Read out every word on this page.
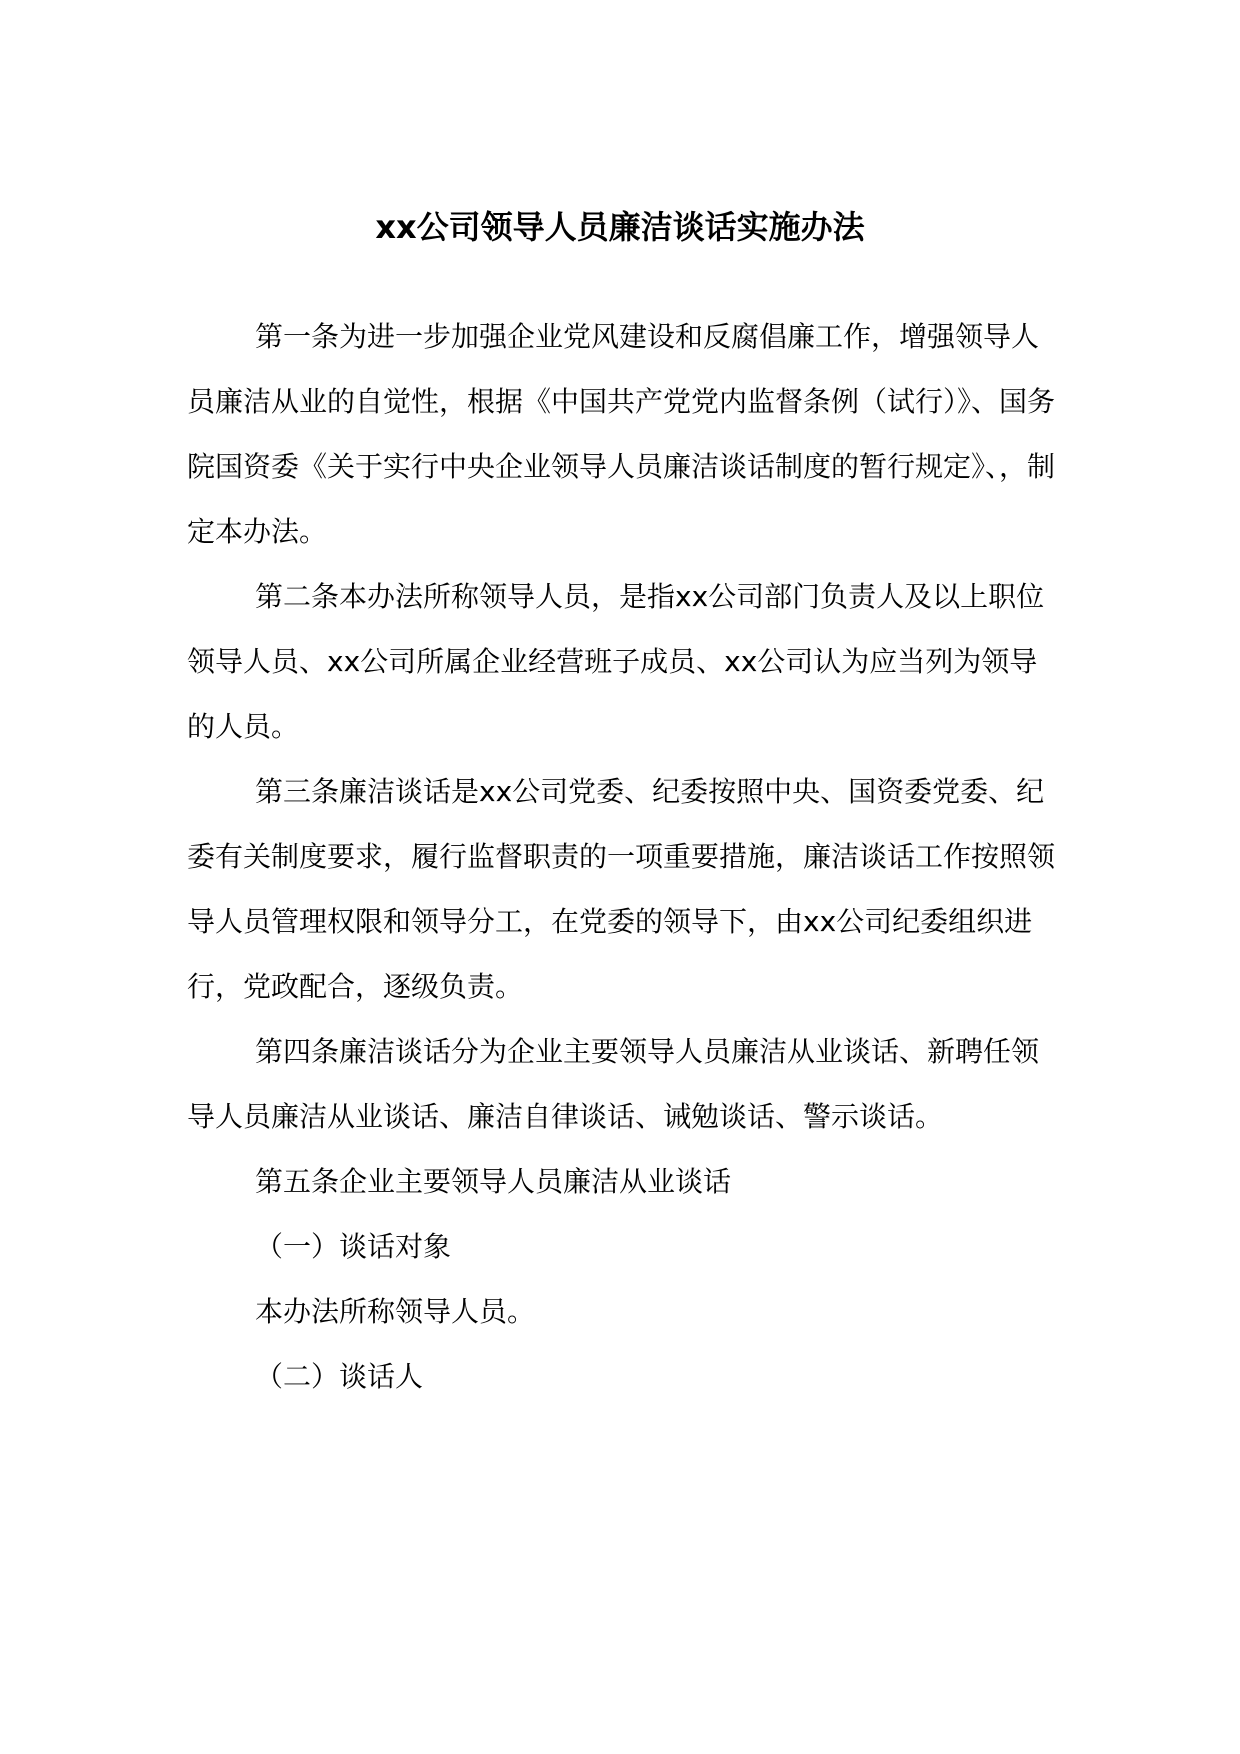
xx公司领导人员廉洁谈话实施办法

第一条为进一步加强企业党风建设和反腐倡廉工作，增强领导人员廉洁从业的自觉性，根据《中国共产党党内监督条例（试行）》、国务院国资委《关于实行中央企业领导人员廉洁谈话制度的暂行规定》、，制定本办法。

第二条本办法所称领导人员，是指xx公司部门负责人及以上职位领导人员、xx公司所属企业经营班子成员、xx公司认为应当列为领导的人员。

第三条廉洁谈话是xx公司党委、纪委按照中央、国资委党委、纪委有关制度要求，履行监督职责的一项重要措施，廉洁谈话工作按照领导人员管理权限和领导分工，在党委的领导下，由xx公司纪委组织进行，党政配合，逐级负责。

第四条廉洁谈话分为企业主要领导人员廉洁从业谈话、新聘任领导人员廉洁从业谈话、廉洁自律谈话、诫勉谈话、警示谈话。

第五条企业主要领导人员廉洁从业谈话

（一）谈话对象

本办法所称领导人员。

（二）谈话人
